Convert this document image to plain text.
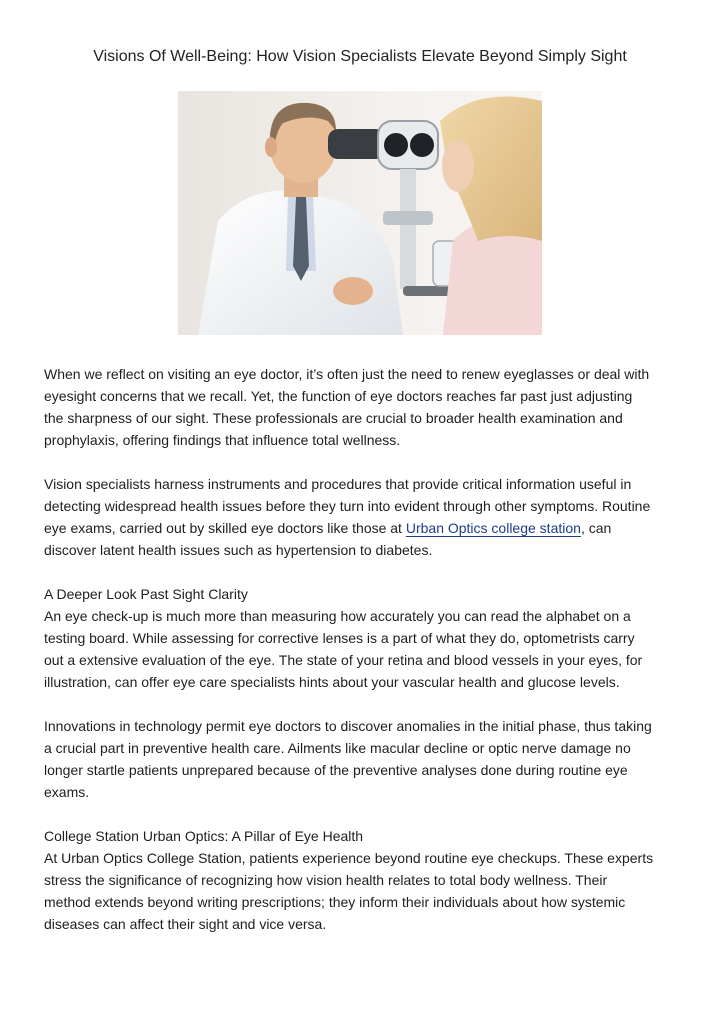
Visions Of Well-Being: How Vision Specialists Elevate Beyond Simply Sight

When we reflect on visiting an eye doctor, it’s often just the need to renew eyeglasses or deal with

eyesight concerns that we recall. Yet, the function of eye doctors reaches far past just adjusting

the sharpness of our sight. These professionals are crucial to broader health examination and

prophylaxis, offering findings that influence total wellness.

Vision specialists harness instruments and procedures that provide critical information useful in

detecting widespread health issues before they turn into evident through other symptoms. Routine

eye exams, carried out by skilled eye doctors like those at Urban Optics college station, can

discover latent health issues such as hypertension to diabetes.

A Deeper Look Past Sight Clarity

An eye check-up is much more than measuring how accurately you can read the alphabet on a

testing board. While assessing for corrective lenses is a part of what they do, optometrists carry

out a extensive evaluation of the eye. The state of your retina and blood vessels in your eyes, for

illustration, can offer eye care specialists hints about your vascular health and glucose levels.

Innovations in technology permit eye doctors to discover anomalies in the initial phase, thus taking

a crucial part in preventive health care. Ailments like macular decline or optic nerve damage no

longer startle patients unprepared because of the preventive analyses done during routine eye

exams.

College Station Urban Optics: A Pillar of Eye Health

At Urban Optics College Station, patients experience beyond routine eye checkups. These experts

stress the significance of recognizing how vision health relates to total body wellness. Their

method extends beyond writing prescriptions; they inform their individuals about how systemic

diseases can affect their sight and vice versa.
